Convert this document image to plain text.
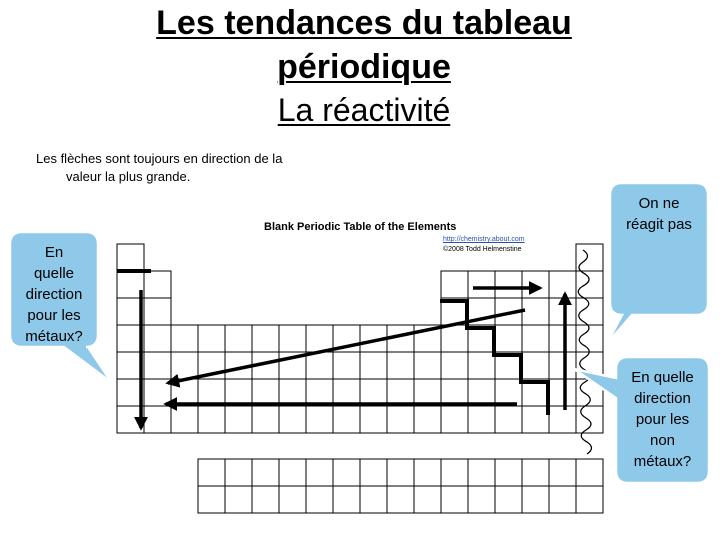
Les tendances du tableau
périodique
La réactivité
Les flèches sont toujours en direction de la
valeur la plus grande.
Blank Periodic Table of the Elements
http://chemistry.about.com
©2008 Todd Helmenstine
En
quelle
direction
pour les
métaux?
On ne
réagit pas
En quelle
direction
pour les
non
métaux?
